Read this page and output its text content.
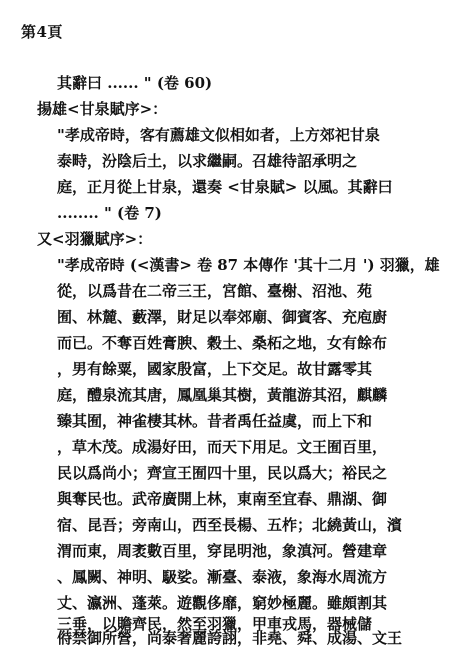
第4頁
其辭曰 ...... " (卷 60)
揚雄<甘泉賦序>：
"孝成帝時，客有薦雄文似相如者，上方郊祀甘泉
泰畤，汾陰后土，以求繼嗣。召雄待詔承明之
庭，正月從上甘泉，還奏 <甘泉賦> 以風。其辭曰
........ " (卷 7)
又<羽獵賦序>：
"孝成帝時 (<漢書> 卷 87 本傳作 '其十二月 ') 羽獵，雄
從，以爲昔在二帝三王，宮館、臺榭、沼池、苑
囿、林麓、藪澤，財足以奉郊廟、御賓客、充庖廚
而已。不奪百姓膏腴、穀土、桑柘之地，女有餘布
，男有餘粟，國家殷富，上下交足。故甘露零其
庭，醴泉流其唐，鳳凰巢其樹，黃龍游其沼，麒麟
臻其囿，神雀棲其林。昔者禹任益虞，而上下和
，草木茂。成湯好田，而天下用足。文王囿百里，
民以爲尚小；齊宣王囿四十里，民以爲大；裕民之
與奪民也。武帝廣開上林，東南至宜春、鼎湖、御
宿、昆吾；旁南山，西至長楊、五柞；北繞黃山，濱
渭而東，周袤數百里，穿昆明池，象滇河。營建章
、鳳闕、神明、馺娑。漸臺、泰液，象海水周流方
丈、瀛洲、蓬萊。遊觀侈靡，窮妙極麗。雖頗割其
三垂，以贍齊民，然至羽獵，甲車戎馬，器械儲
偫禁御所營，尚泰奢麗誇詡，非堯、舜、成湯、文王
